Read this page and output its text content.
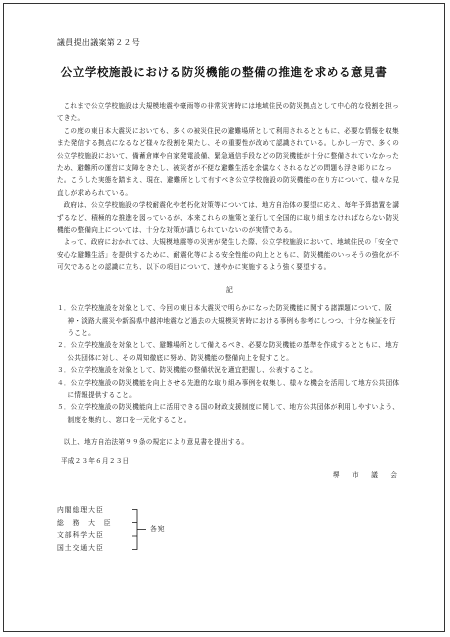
議員提出議案第２２号
公立学校施設における防災機能の整備の推進を求める意見書

これまで公立学校施設は大規模地震や豪雨等の非常災害時には地域住民の防災拠点として中心的な役割を担ってきた。

この度の東日本大震災においても、多くの被災住民の避難場所として利用されるとともに、必要な情報を収集また発信する拠点になるなど様々な役割を果たし、その重要性が改めて認識されている。しかし一方で、多くの公立学校施設において、備蓄倉庫や自家発電設備、緊急通信手段などの防災機能が十分に整備されていなかったため、避難所の運営に支障をきたし、被災者が不便な避難生活を余儀なくされるなどの問題も浮き彫りになった。こうした実態を踏まえ、現在、避難所として有すべき公立学校施設の防災機能の在り方について、様々な見直しが求められている。

政府は、公立学校施設の学校耐震化や老朽化対策等については、地方自治体の要望に応え、毎年予算措置を講ずるなど、積極的な推進を図っているが、本来これらの施策と並行して全国的に取り組まなければならない防災機能の整備向上については、十分な対策が講じられていないのが実情である。

よって、政府におかれては、大規模地震等の災害が発生した際、公立学校施設において、地域住民の「安全で安心な避難生活」を提供するために、耐震化等による安全性能の向上とともに、防災機能のいっそうの強化が不可欠であるとの認識に立ち、以下の項目について、速やかに実施するよう強く要望する。

記
１．公立学校施設を対象として、今回の東日本大震災で明らかになった防災機能に関する諸課題について、阪神・淡路大震災や新潟県中越沖地震など過去の大規模災害時における事例も参考にしつつ、十分な検証を行うこと。
２．公立学校施設を対象として、避難場所として備えるべき、必要な防災機能の基準を作成するとともに、地方公共団体に対し、その周知徹底に努め、防災機能の整備向上を促すこと。
３．公立学校施設を対象として、防災機能の整備状況を適宜把握し、公表すること。
４．公立学校施設の防災機能を向上させる先進的な取り組み事例を収集し、様々な機会を活用して地方公共団体に情報提供すること。
５．公立学校施設の防災機能向上に活用できる国の財政支援制度に関して、地方公共団体が利用しやすいよう、制度を集約し、窓口を一元化すること。

以上、地方自治法第９９条の規定により意見書を提出する。

平成２３年６月２３日
堺　市　議　会
内閣総理大臣
総　務　大　臣
文部科学大臣
国土交通大臣
各宛
